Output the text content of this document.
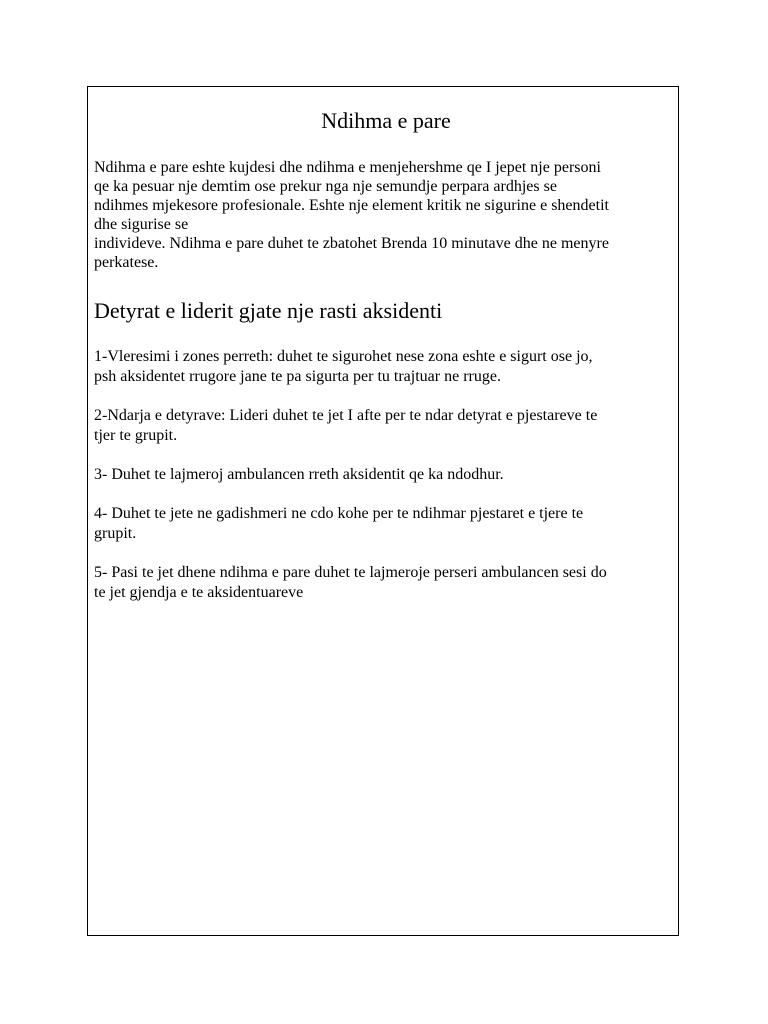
Ndihma e pare

Ndihma e pare eshte kujdesi dhe ndihma e menjehershme qe I jepet nje personi
qe ka pesuar nje demtim ose prekur nga nje semundje perpara ardhjes se
ndihmes mjekesore profesionale. Eshte nje element kritik ne sigurine e shendetit
dhe sigurise se
individeve. Ndihma e pare duhet te zbatohet Brenda 10 minutave dhe ne menyre
perkatese.

Detyrat e liderit gjate nje rasti aksidenti

1-Vleresimi i zones perreth: duhet te sigurohet nese zona eshte e sigurt ose jo,
psh aksidentet rrugore jane te pa sigurta per tu trajtuar ne rruge.

2-Ndarja e detyrave: Lideri duhet te jet I afte per te ndar detyrat e pjestareve te
tjer te grupit.

3- Duhet te lajmeroj ambulancen rreth aksidentit qe ka ndodhur.

4- Duhet te jete ne gadishmeri ne cdo kohe per te ndihmar pjestaret e tjere te
grupit.

5- Pasi te jet dhene ndihma e pare duhet te lajmeroje perseri ambulancen sesi do
te jet gjendja e te aksidentuareve
